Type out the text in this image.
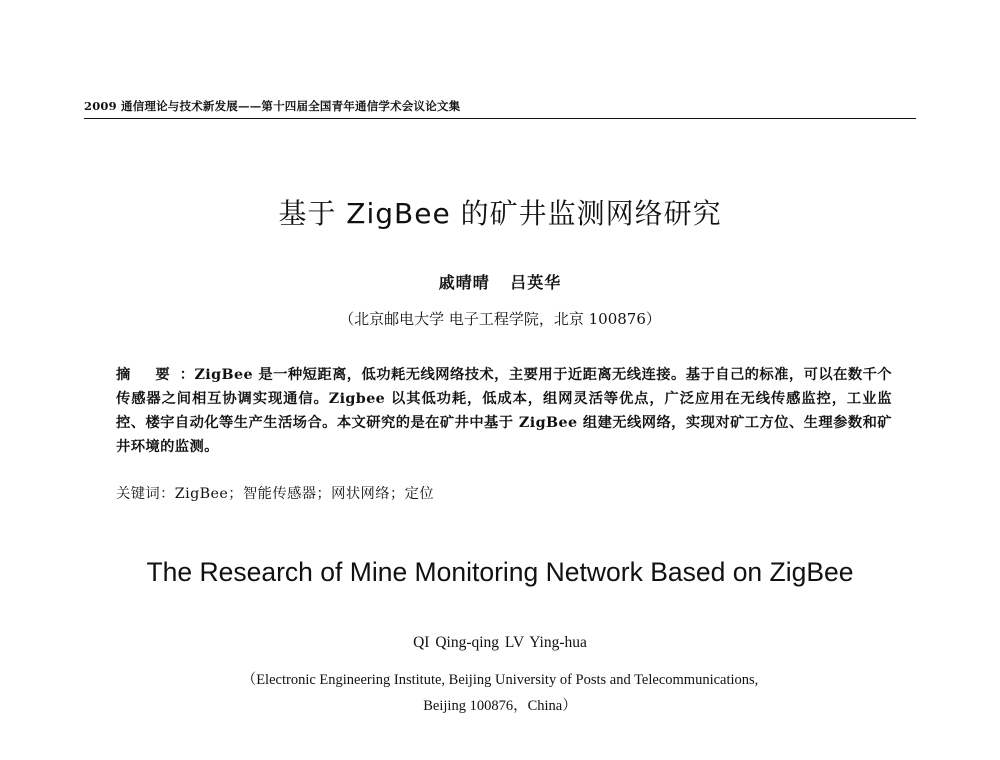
2009 通信理论与技术新发展——第十四届全国青年通信学术会议论文集
基于 ZigBee 的矿井监测网络研究
戚晴晴 吕英华
（北京邮电大学 电子工程学院，北京 100876）
摘 要：ZigBee 是一种短距离，低功耗无线网络技术，主要用于近距离无线连接。基于自己的标准，可以在数千个传感器之间相互协调实现通信。Zigbee 以其低功耗，低成本，组网灵活等优点，广泛应用在无线传感监控，工业监控、楼宇自动化等生产生活场合。本文研究的是在矿井中基于 ZigBee 组建无线网络，实现对矿工方位、生理参数和矿井环境的监测。
关键词：ZigBee；智能传感器；网状网络；定位
The Research of Mine Monitoring Network Based on ZigBee
QI Qing-qing LV Ying-hua
（Electronic Engineering Institute, Beijing University of Posts and Telecommunications,
Beijing 100876，China）
